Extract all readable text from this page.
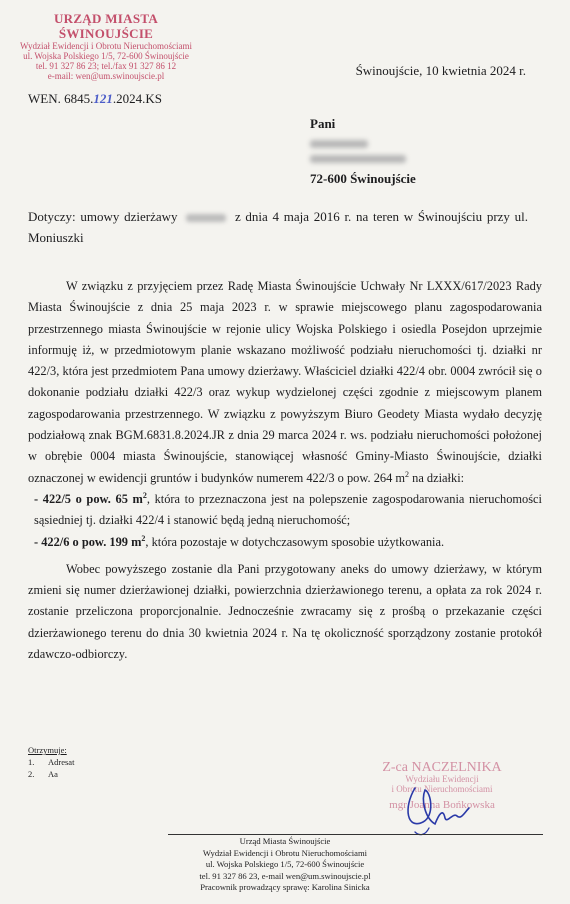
URZĄD MIASTA ŚWINOUJŚCIE
Wydział Ewidencji i Obrotu Nieruchomościami
ul. Wojska Polskiego 1/5, 72-600 Świnoujście
tel. 91 327 86 23; tel./fax 91 327 86 12
e-mail: wen@um.swinoujscie.pl
WEN. 6845.121.2024.KS
Świnoujście, 10 kwietnia 2024 r.
Pani
72-600 Świnoujście
Dotyczy: umowy dzierżawy	z dnia 4 maja 2016 r. na teren w Świnoujściu przy ul. Moniuszki

W związku z przyjęciem przez Radę Miasta Świnoujście Uchwały Nr LXXX/617/2023 Rady Miasta Świnoujście z dnia 25 maja 2023 r. w sprawie miejscowego planu zagospodarowania przestrzennego miasta Świnoujście w rejonie ulicy Wojska Polskiego i osiedla Posejdon uprzejmie informuję iż, w przedmiotowym planie wskazano możliwość podziału nieruchomości tj. działki nr 422/3, która jest przedmiotem Pana umowy dzierżawy. Właściciel działki 422/4 obr. 0004 zwrócił się o dokonanie podziału działki 422/3 oraz wykup wydzielonej części zgodnie z miejscowym planem zagospodarowania przestrzennego. W związku z powyższym Biuro Geodety Miasta wydało decyzję podziałową znak BGM.6831.8.2024.JR z dnia 29 marca 2024 r. ws. podziału nieruchomości położonej w obrębie 0004 miasta Świnoujście, stanowiącej własność Gminy-Miasto Świnoujście, działki oznaczonej w ewidencji gruntów i budynków numerem 422/3 o pow. 264 $m^2$ na działki:

- 422/5 o pow. 65 $m^2$, która to przeznaczona jest na polepszenie zagospodarowania nieruchomości sąsiedniej tj. działki 422/4 i stanowić będą jedną nieruchomość;

- 422/6 o pow. 199 $m^2$, która pozostaje w dotychczasowym sposobie użytkowania.

Wobec powyższego zostanie dla Pani przygotowany aneks do umowy dzierżawy, w którym zmieni się numer dzierżawionej działki, powierzchnia dzierżawionego terenu, a opłata za rok 2024 r. zostanie przeliczona proporcjonalnie. Jednocześnie zwracamy się z prośbą o przekazanie części dzierżawionego terenu do dnia 30 kwietnia 2024 r. Na tę okoliczność sporządzony zostanie protokół zdawczo-odbiorczy.

Otrzymuje:
1. Adresat
2. Aa	Z-ca NACZELNIKA
Wydziału Ewidencji
i Obrotu Nieruchomościami
mgr Joanna Bońkowska
Urząd Miasta Świnoujście
Wydział Ewidencji i Obrotu Nieruchomościami
ul. Wojska Polskiego 1/5, 72-600 Świnoujście
tel. 91 327 86 23, e-mail wen@um.swinoujscie.pl
Pracownik prowadzący sprawę: Karolina Sinicka
